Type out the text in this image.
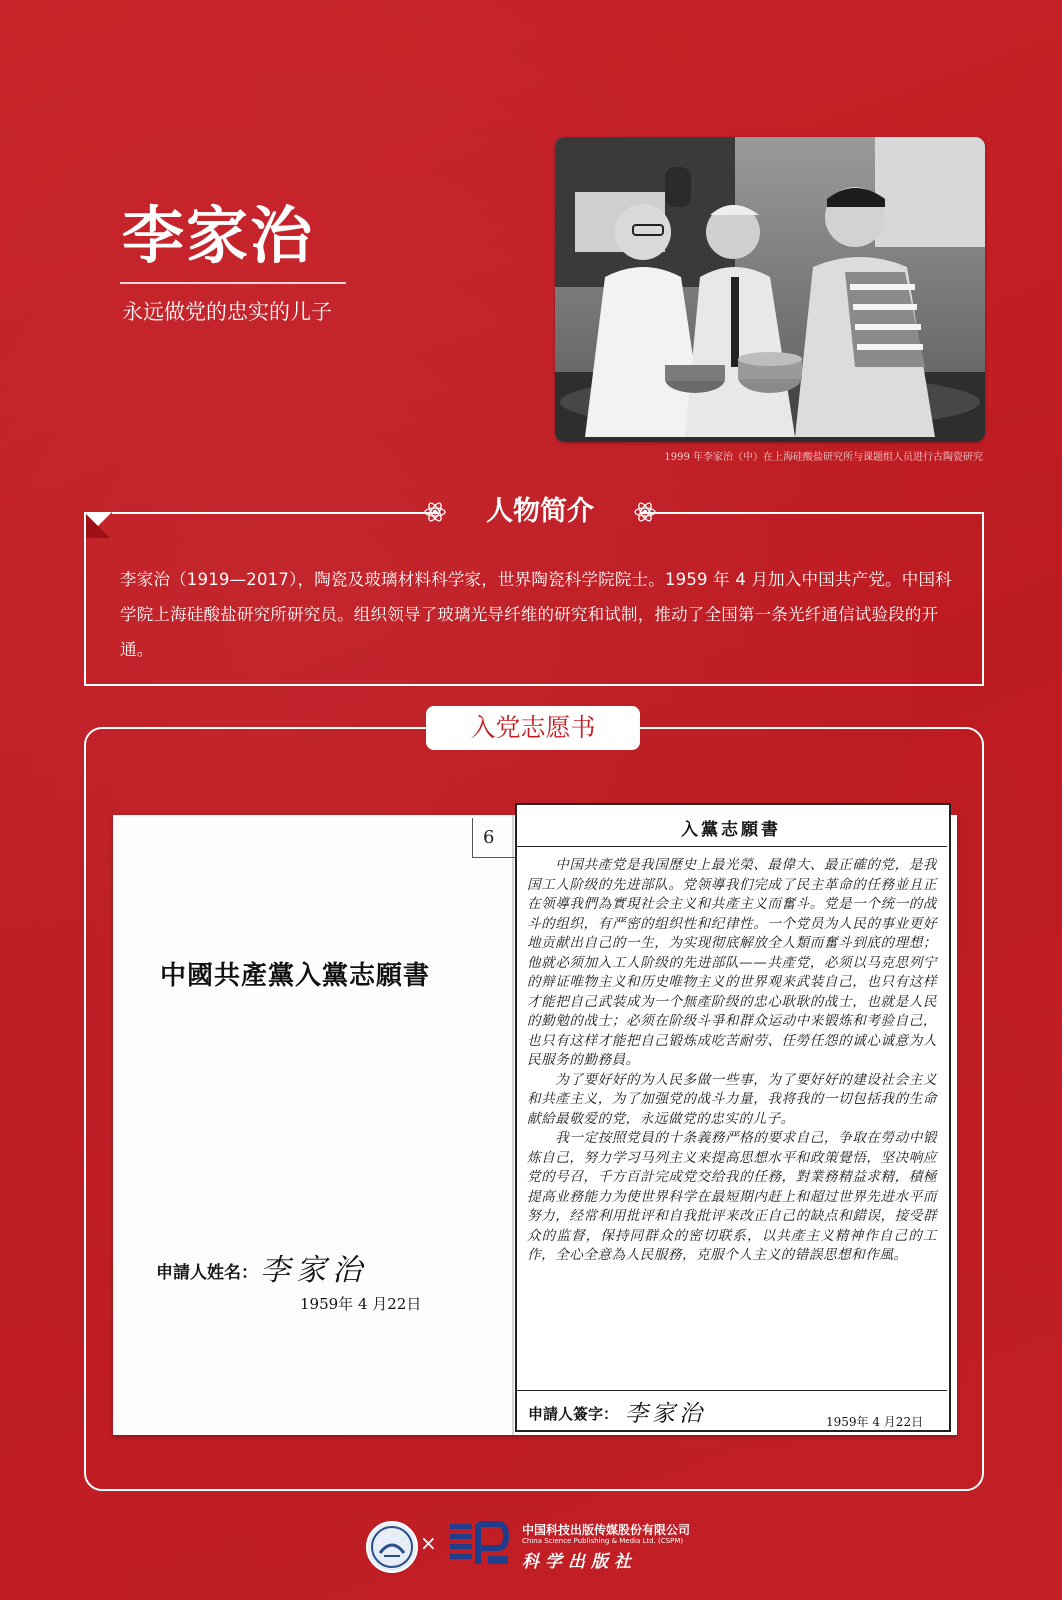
李家治
永远做党的忠实的儿子
1999 年李家治（中）在上海硅酸盐研究所与课题组人员进行古陶瓷研究
人物简介
李家治（1919—2017），陶瓷及玻璃材料科学家，世界陶瓷科学院院士。1959 年 4 月加入中国共产党。中国科学院上海硅酸盐研究所研究员。组织领导了玻璃光导纤维的研究和试制，推动了全国第一条光纤通信试验段的开通。
入党志愿书
6
中國共產黨入黨志願書
申請人姓名： 李家治
1959年 4 月22日
入黨志願書
　　中国共產党是我国歷史上最光榮、最偉大、最正確的党，是我国工人阶级的先进部队。党领導我们完成了民主革命的任務並且正在领導我們為實現社会主义和共產主义而奮斗。党是一个统一的战斗的组织，有严密的组织性和纪律性。一个党员为人民的事业更好地贡献出自己的一生，为实现彻底解放全人類而奮斗到底的理想；他就必须加入工人阶级的先进部队——共產党，必须以马克思列宁的辩证唯物主义和历史唯物主义的世界观来武装自己，也只有这样才能把自己武装成为一个無產阶级的忠心耿耿的战士，也就是人民的勤勉的战士；必须在阶级斗爭和群众运动中来锻炼和考验自己，也只有这样才能把自己锻炼成吃苦耐劳、任勞任怨的诚心诚意为人民服务的勤務員。
　　为了要好好的为人民多做一些事，为了要好好的建设社会主义和共產主义，为了加强党的战斗力量，我将我的一切包括我的生命献給最敬爱的党，永远做党的忠实的儿子。
　　我一定按照党員的十条義務严格的要求自己，争取在勞动中锻炼自己，努力学习马列主义来提高思想水平和政策覺悟，坚决响应党的号召，千方百計完成党交给我的任務，對業務精益求精，積極提高业務能力为使世界科学在最短期内赶上和超过世界先进水平而努力，经常利用批评和自我批评来改正自己的缺点和錯误，接受群众的监督，保持同群众的密切联系，以共產主义精神作自己的工作，全心全意為人民服務，克服个人主义的错誤思想和作風。
申請人簽字： 李家治	1959年 4 月22日
×
中国科技出版传媒股份有限公司
China Science Publishing & Media Ltd. (CSPM)
科学出版社
